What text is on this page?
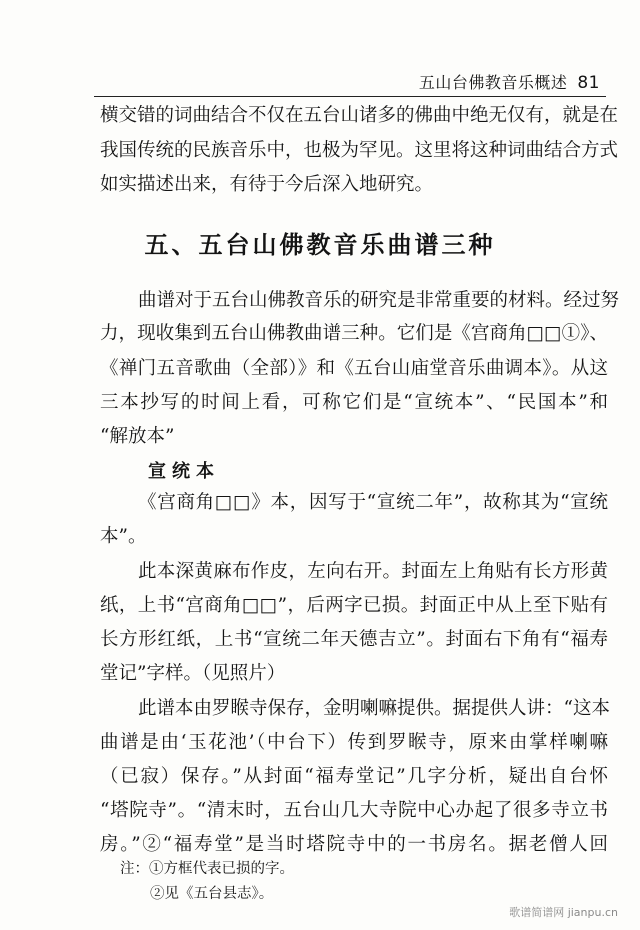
五山台佛教音乐概述 81
横交错的词曲结合不仅在五台山诸多的佛曲中绝无仅有，就是在
我国传统的民族音乐中，也极为罕见。这里将这种词曲结合方式
如实描述出来，有待于今后深入地研究。
五、五台山佛教音乐曲谱三种
曲谱对于五台山佛教音乐的研究是非常重要的材料。经过努
力，现收集到五台山佛教曲谱三种。它们是《宫商角□□①》、
《禅门五音歌曲（全部）》和《五台山庙堂音乐曲调本》。从这
三本抄写的时间上看，可称它们是“宣统本”、“民国本”和
“解放本”
宣统本
《宫商角□□》本，因写于“宣统二年”，故称其为“宣统
本”。
此本深黄麻布作皮，左向右开。封面左上角贴有长方形黄
纸，上书“宫商角□□”，后两字已损。封面正中从上至下贴有
长方形红纸，上书“宣统二年天德吉立”。封面右下角有“福寿
堂记”字样。（见照片）
此谱本由罗睺寺保存，金明喇嘛提供。据提供人讲：“这本
曲谱是由‘玉花池’（中台下）传到罗睺寺，原来由掌样喇嘛
（已寂）保存。”从封面“福寿堂记”几字分析，疑出自台怀
“塔院寺”。“清末时，五台山几大寺院中心办起了很多寺立书
房。”②“福寿堂”是当时塔院寺中的一书房名。据老僧人回
注：①方框代表已损的字。
②见《五台县志》。
歌谱简谱网 jianpu.cn
